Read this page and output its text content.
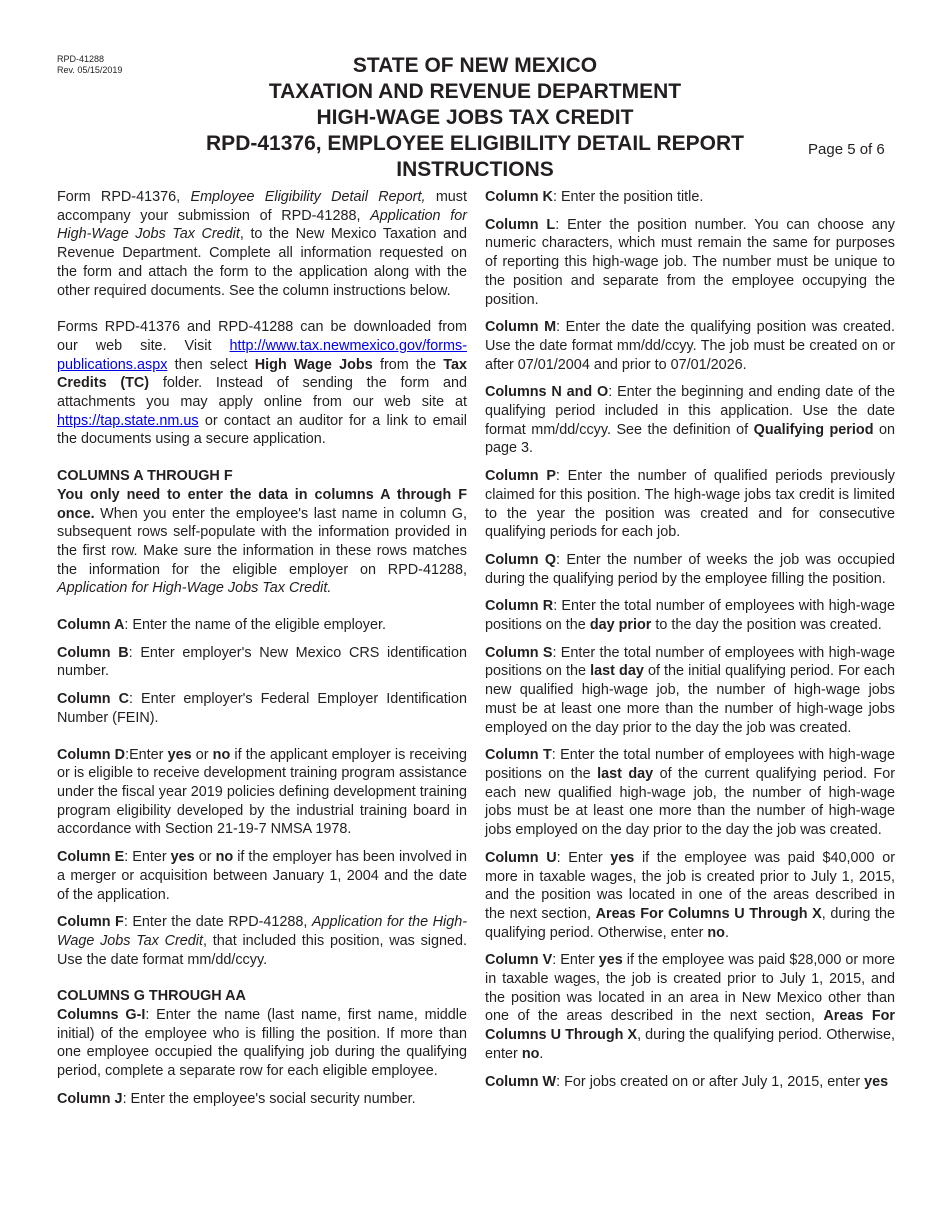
RPD-41288
Rev. 05/15/2019	STATE OF NEW MEXICO
TAXATION AND REVENUE DEPARTMENT
HIGH-WAGE JOBS TAX CREDIT
RPD-41376, EMPLOYEE ELIGIBILITY DETAIL REPORT
INSTRUCTIONS
Page 5 of 6

Form RPD-41376, Employee Eligibility Detail Report, must accompany your submission of RPD-41288, Application for High-Wage Jobs Tax Credit, to the New Mexico Taxation and Revenue Department. Complete all information requested on the form and attach the form to the application along with the other required documents. See the column instructions below.

Forms RPD-41376 and RPD-41288 can be downloaded from our web site. Visit http://www.tax.newmexico.gov/forms-publications.aspx then select High Wage Jobs from the Tax Credits (TC) folder. Instead of sending the form and attachments you may apply online from our web site at https://tap.state.nm.us or contact an auditor for a link to email the documents using a secure application.

COLUMNS A THROUGH F

You only need to enter the data in columns A through F once. When you enter the employee's last name in column G, subsequent rows self-populate with the information provided in the first row. Make sure the information in these rows matches the information for the eligible employer on RPD-41288, Application for High-Wage Jobs Tax Credit.

Column A: Enter the name of the eligible employer.

Column B: Enter employer's New Mexico CRS identification number.

Column C: Enter employer's Federal Employer Identification Number (FEIN).

Column D:Enter yes or no if the applicant employer is receiving or is eligible to receive development training program assistance under the fiscal year 2019 policies defining development training program eligibility developed by the industrial training board in accordance with Section 21-19-7 NMSA 1978.

Column E: Enter yes or no if the employer has been involved in a merger or acquisition between January 1, 2004 and the date of the application.

Column F: Enter the date RPD-41288, Application for the High-Wage Jobs Tax Credit, that included this position, was signed. Use the date format mm/dd/ccyy.

COLUMNS G THROUGH AA

Columns G-I: Enter the name (last name, first name, middle initial) of the employee who is filling the position. If more than one employee occupied the qualifying job during the qualifying period, complete a separate row for each eligible employee.

Column J: Enter the employee's social security number.

Column K: Enter the position title.

Column L: Enter the position number. You can choose any numeric characters, which must remain the same for purposes of reporting this high-wage job. The number must be unique to the position and separate from the employee occupying the position.

Column M: Enter the date the qualifying position was created. Use the date format mm/dd/ccyy. The job must be created on or after 07/01/2004 and prior to 07/01/2026.

Columns N and O: Enter the beginning and ending date of the qualifying period included in this application. Use the date format mm/dd/ccyy. See the definition of Qualifying period on page 3.

Column P: Enter the number of qualified periods previously claimed for this position. The high-wage jobs tax credit is limited to the year the position was created and for consecutive qualifying periods for each job.

Column Q: Enter the number of weeks the job was occupied during the qualifying period by the employee filling the position.

Column R: Enter the total number of employees with high-wage positions on the day prior to the day the position was created.

Column S: Enter the total number of employees with high-wage positions on the last day of the initial qualifying period. For each new qualified high-wage job, the number of high-wage jobs must be at least one more than the number of high-wage jobs employed on the day prior to the day the job was created.

Column T: Enter the total number of employees with high-wage positions on the last day of the current qualifying period. For each new qualified high-wage job, the number of high-wage jobs must be at least one more than the number of high-wage jobs employed on the day prior to the day the job was created.

Column U: Enter yes if the employee was paid $40,000 or more in taxable wages, the job is created prior to July 1, 2015, and the position was located in one of the areas described in the next section, Areas For Columns U Through X, during the qualifying period. Otherwise, enter no.

Column V: Enter yes if the employee was paid $28,000 or more in taxable wages, the job is created prior to July 1, 2015, and the position was located in an area in New Mexico other than one of the areas described in the next section, Areas For Columns U Through X, during the qualifying period. Otherwise, enter no.

Column W: For jobs created on or after July 1, 2015, enter yes
